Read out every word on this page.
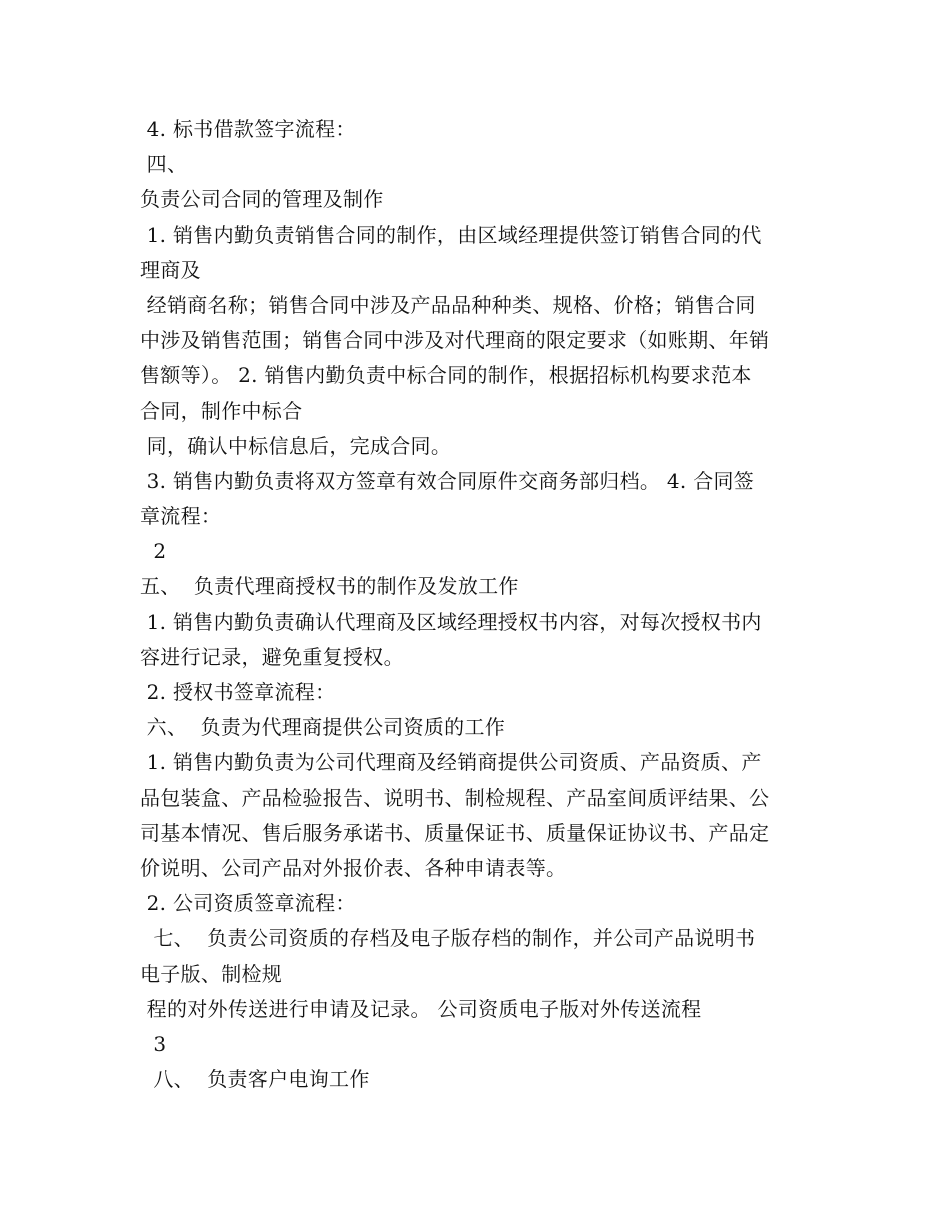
4. 标书借款签字流程：
四、
负责公司合同的管理及制作
1. 销售内勤负责销售合同的制作，由区域经理提供签订销售合同的代
理商及
经销商名称；销售合同中涉及产品品种种类、规格、价格；销售合同
中涉及销售范围；销售合同中涉及对代理商的限定要求（如账期、年销
售额等）。 2. 销售内勤负责中标合同的制作，根据招标机构要求范本
合同，制作中标合
同，确认中标信息后，完成合同。
3. 销售内勤负责将双方签章有效合同原件交商务部归档。 4. 合同签
章流程：
2
五、  负责代理商授权书的制作及发放工作
1. 销售内勤负责确认代理商及区域经理授权书内容，对每次授权书内
容进行记录，避免重复授权。
2. 授权书签章流程：
六、  负责为代理商提供公司资质的工作
1. 销售内勤负责为公司代理商及经销商提供公司资质、产品资质、产
品包装盒、产品检验报告、说明书、制检规程、产品室间质评结果、公
司基本情况、售后服务承诺书、质量保证书、质量保证协议书、产品定
价说明、公司产品对外报价表、各种申请表等。
2. 公司资质签章流程：
七、  负责公司资质的存档及电子版存档的制作，并公司产品说明书
电子版、制检规
程的对外传送进行申请及记录。 公司资质电子版对外传送流程
3
八、  负责客户电询工作
